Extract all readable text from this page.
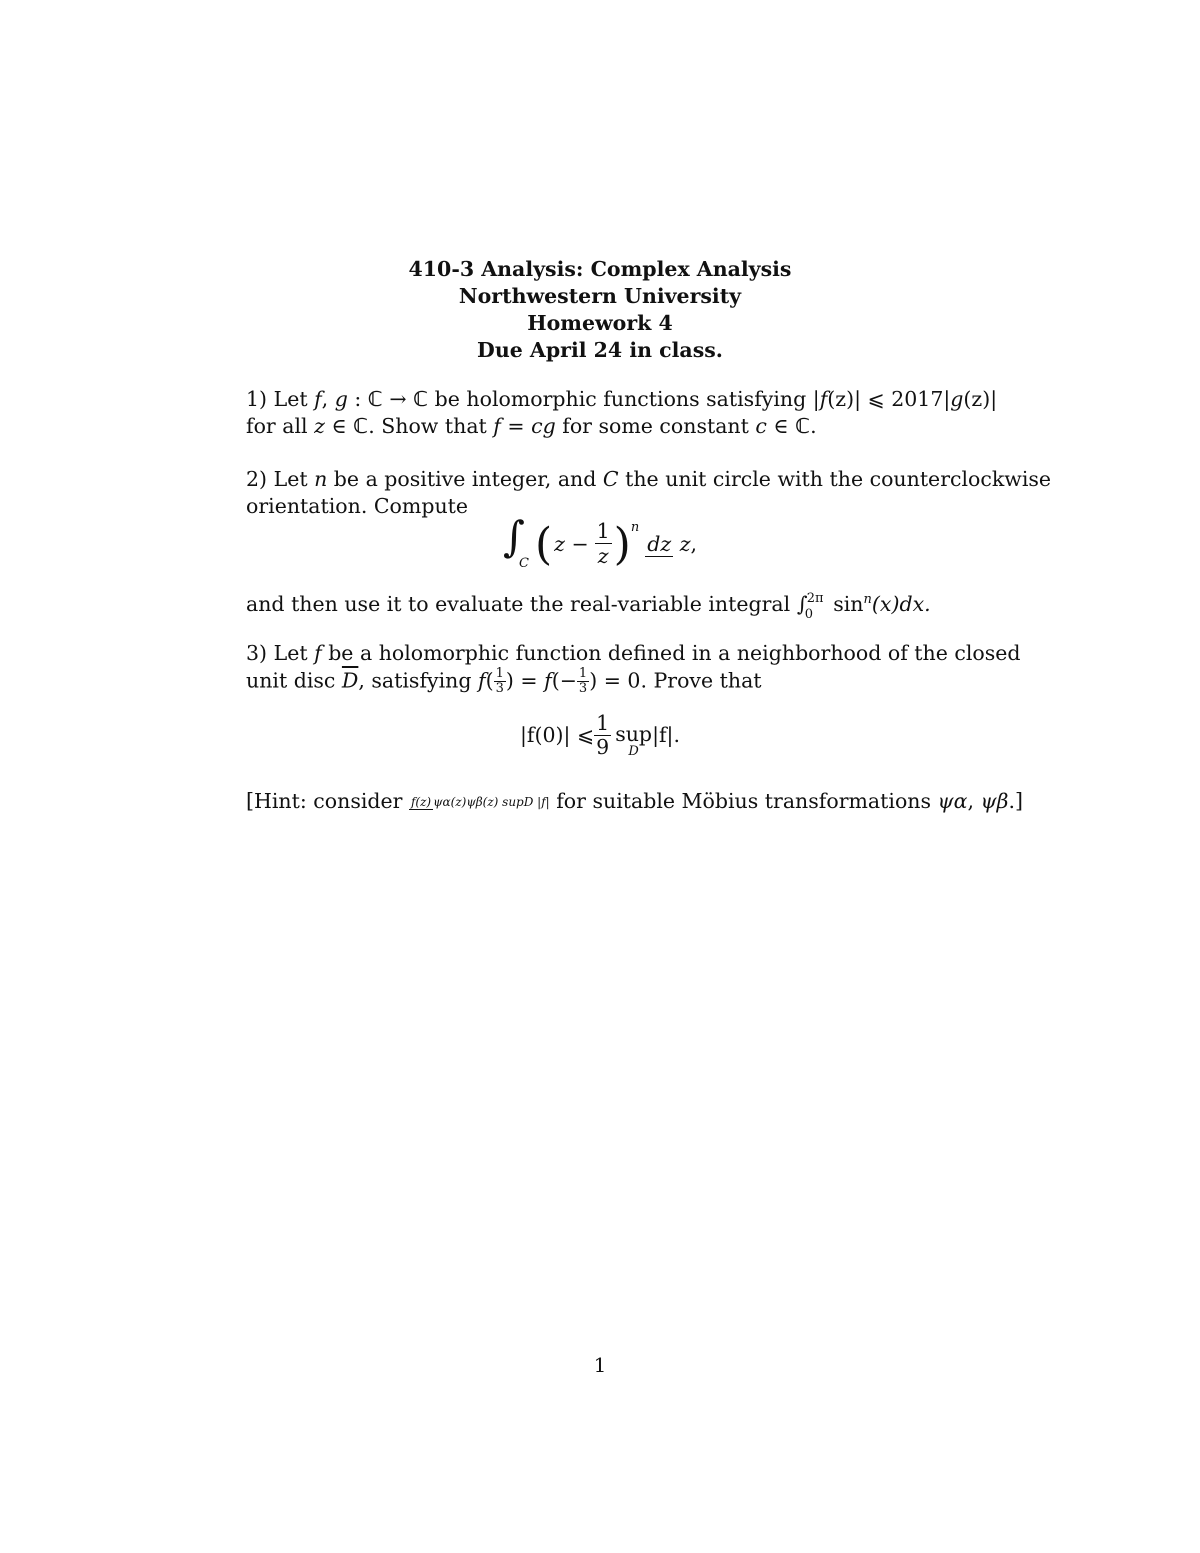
410-3 Analysis: Complex Analysis
Northwestern University
Homework 4
Due April 24 in class.
1) Let f, g : ℂ → ℂ be holomorphic functions satisfying |f(z)| ⩽ 2017|g(z)|
for all z ∈ ℂ. Show that f = cg for some constant c ∈ ℂ.
2) Let n be a positive integer, and C the unit circle with the counterclockwise
orientation. Compute
∫
C ( $z - \frac{1}{z}$ ) n
dz z ,
and then use it to evaluate the real-variable integral ∫ 2π
0 $\sin^n(x)dx$.
3) Let f be a holomorphic function defined in a neighborhood of the closed
unit disc $\overline{D}$, satisfying $f( \frac{1}{3}$ ) = $f(- \frac{1}{3}$ ) = 0. Prove that
|f(0)| ⩽ $\frac{1}{9}$ sup
D
|f|.
[Hint: consider f(z) ψα(z)ψβ(z) supD |f| for suitable Möbius transformations ψα, ψβ.]
1
